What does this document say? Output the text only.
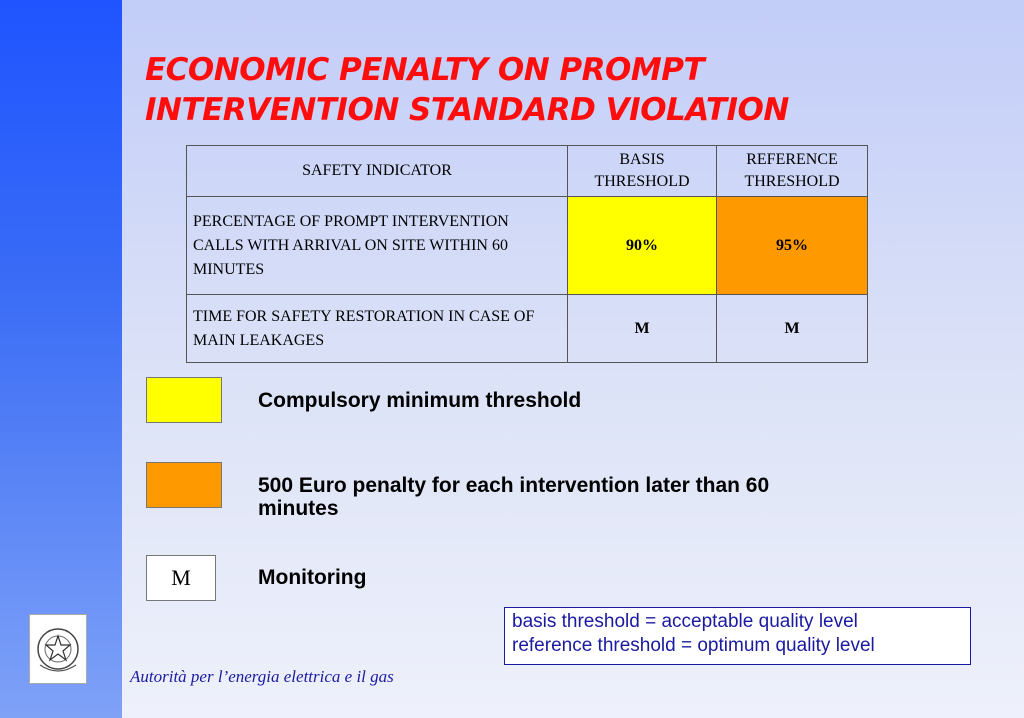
ECONOMIC PENALTY ON PROMPT
INTERVENTION STANDARD VIOLATION
SAFETY INDICATOR	BASIS THRESHOLD	REFERENCE THRESHOLD
PERCENTAGE OF PROMPT INTERVENTION CALLS WITH ARRIVAL ON SITE WITHIN 60 MINUTES	90%	95%
TIME FOR SAFETY RESTORATION IN CASE OF MAIN LEAKAGES	M	M
Compulsory minimum threshold
500 Euro penalty for each intervention later than 60 minutes
M	Monitoring
basis threshold = acceptable quality level
reference threshold = optimum quality level
Autorità per l’energia elettrica e il gas
